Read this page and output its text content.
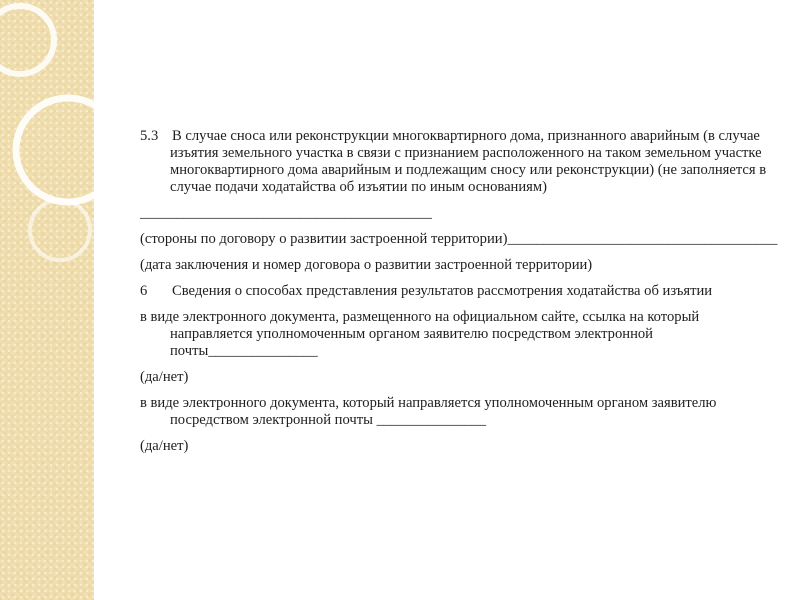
5.3 В случае сноса или реконструкции многоквартирного дома, признанного аварийным (в случае изъятия земельного участка в связи с признанием расположенного на таком земельном участке многоквартирного дома аварийным и подлежащим сносу или реконструкции) (не заполняется в случае подачи ходатайства об изъятии по иным основаниям)

________________________________________

(стороны по договору о развитии застроенной территории)_____________________________________

(дата заключения и номер договора о развитии застроенной территории)

6 Сведения о способах представления результатов рассмотрения ходатайства об изъятии

в виде электронного документа, размещенного на официальном сайте, ссылка на который направляется уполномоченным органом заявителю посредством электронной почты_______________

(да/нет)

в виде электронного документа, который направляется уполномоченным органом заявителю посредством электронной почты _______________

(да/нет)
